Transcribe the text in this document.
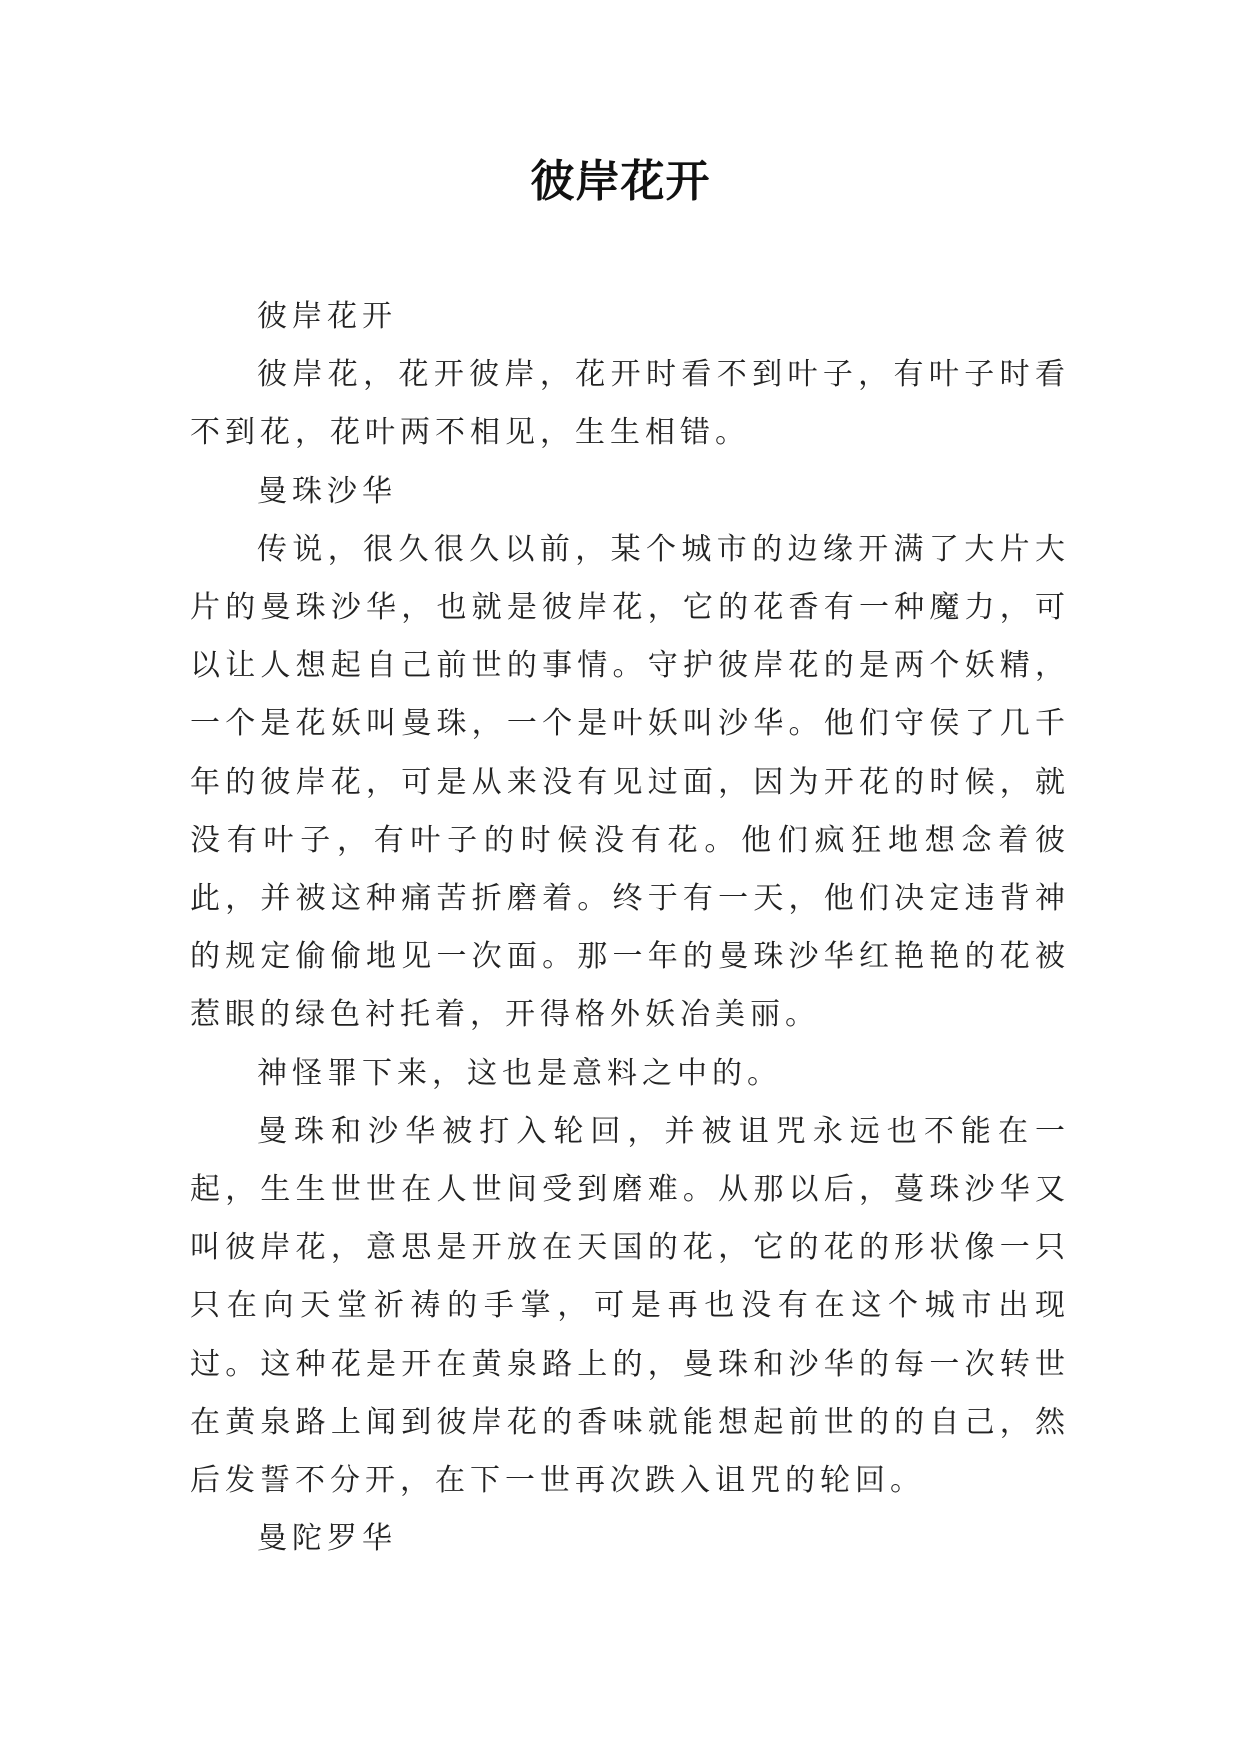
彼岸花开

彼岸花开

彼岸花，花开彼岸，花开时看不到叶子，有叶子时看不到花，花叶两不相见，生生相错。

曼珠沙华

传说，很久很久以前，某个城市的边缘开满了大片大片的曼珠沙华，也就是彼岸花，它的花香有一种魔力，可以让人想起自己前世的事情。守护彼岸花的是两个妖精，一个是花妖叫曼珠，一个是叶妖叫沙华。他们守侯了几千年的彼岸花，可是从来没有见过面，因为开花的时候，就没有叶子，有叶子的时候没有花。他们疯狂地想念着彼此，并被这种痛苦折磨着。终于有一天，他们决定违背神的规定偷偷地见一次面。那一年的曼珠沙华红艳艳的花被惹眼的绿色衬托着，开得格外妖冶美丽。

神怪罪下来，这也是意料之中的。

曼珠和沙华被打入轮回，并被诅咒永远也不能在一起，生生世世在人世间受到磨难。从那以后，蔓珠沙华又叫彼岸花，意思是开放在天国的花，它的花的形状像一只只在向天堂祈祷的手掌，可是再也没有在这个城市出现过。这种花是开在黄泉路上的，曼珠和沙华的每一次转世在黄泉路上闻到彼岸花的香味就能想起前世的的自己，然后发誓不分开，在下一世再次跌入诅咒的轮回。

曼陀罗华
